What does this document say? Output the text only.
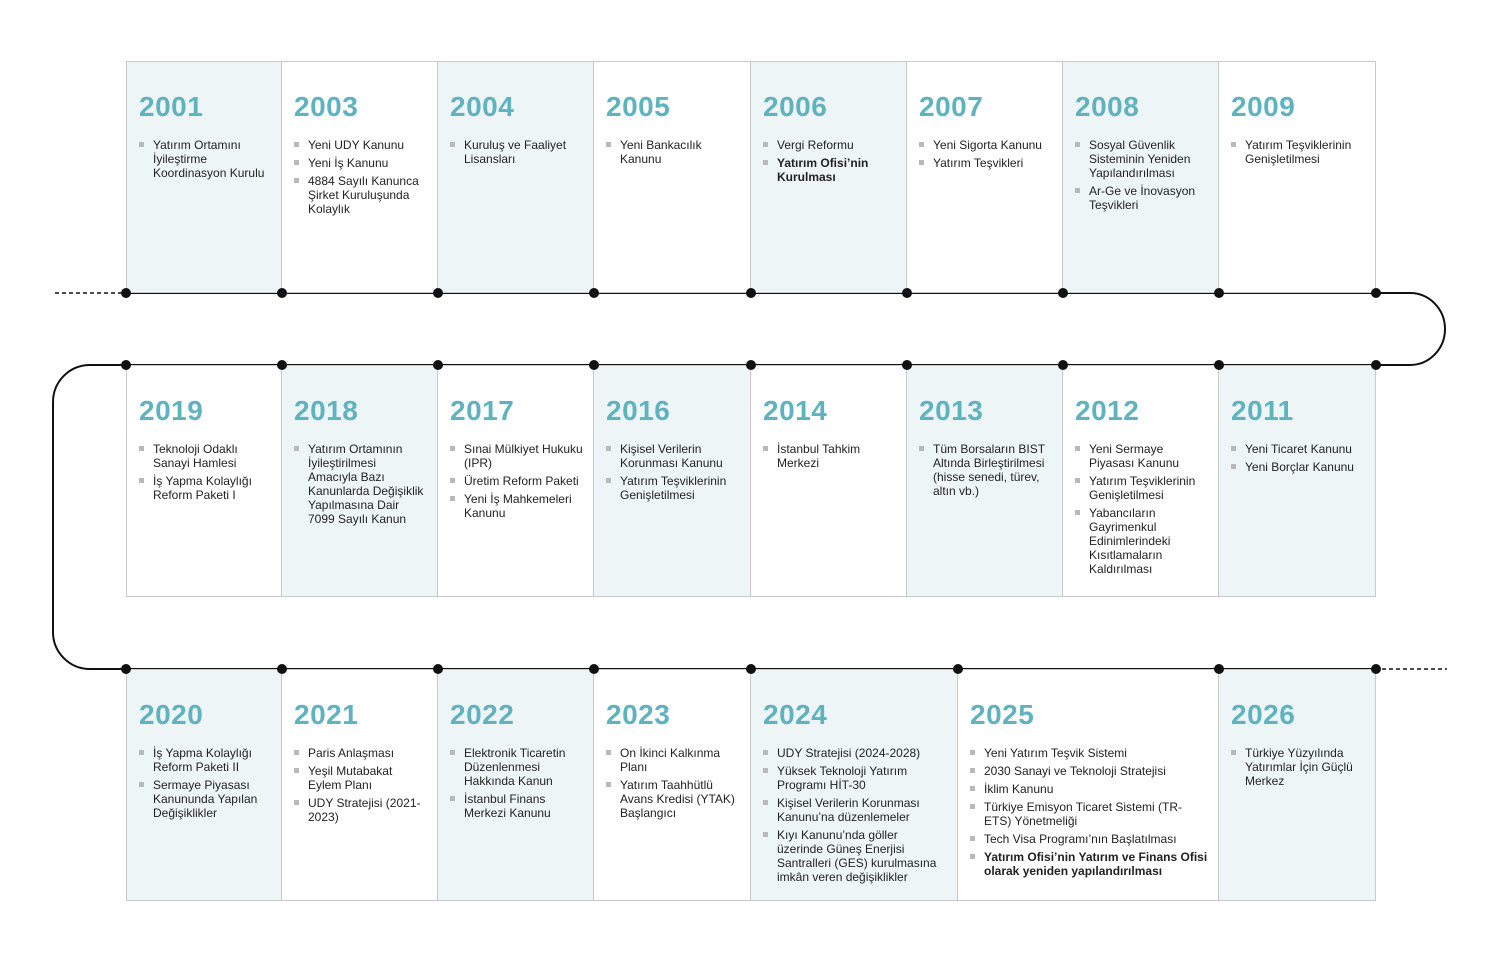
2001
Yatırım Ortamını İyileştirme Koordinasyon Kurulu
2003
Yeni UDY Kanunu
Yeni İş Kanunu
4884 Sayılı Kanunca Şirket Kuruluşunda Kolaylık
2004
Kuruluş ve Faaliyet Lisansları
2005
Yeni Bankacılık Kanunu
2006
Vergi Reformu
Yatırım Ofisi’nin Kurulması
2007
Yeni Sigorta Kanunu
Yatırım Teşvikleri
2008
Sosyal Güvenlik Sisteminin Yeniden Yapılandırılması
Ar-Ge ve İnovasyon Teşvikleri
2009
Yatırım Teşviklerinin Genişletilmesi
2019
Teknoloji Odaklı Sanayi Hamlesi
İş Yapma Kolaylığı Reform Paketi I
2018
Yatırım Ortamının İyileştirilmesi Amacıyla Bazı Kanunlarda Değişiklik Yapılmasına Dair 7099 Sayılı Kanun
2017
Sınai Mülkiyet Hukuku (IPR)
Üretim Reform Paketi
Yeni İş Mahkemeleri Kanunu
2016
Kişisel Verilerin Korunması Kanunu
Yatırım Teşviklerinin Genişletilmesi
2014
İstanbul Tahkim Merkezi
2013
Tüm Borsaların BIST Altında Birleştirilmesi (hisse senedi, türev, altın vb.)
2012
Yeni Sermaye Piyasası Kanunu
Yatırım Teşviklerinin Genişletilmesi
Yabancıların Gayrimenkul Edinimlerindeki Kısıtlamaların Kaldırılması
2011
Yeni Ticaret Kanunu
Yeni Borçlar Kanunu
2020
İş Yapma Kolaylığı Reform Paketi II
Sermaye Piyasası Kanununda Yapılan Değişiklikler
2021
Paris Anlaşması
Yeşil Mutabakat Eylem Planı
UDY Stratejisi (2021-2023)
2022
Elektronik Ticaretin Düzenlenmesi Hakkında Kanun
İstanbul Finans Merkezi Kanunu
2023
On İkinci Kalkınma Planı
Yatırım Taahhütlü Avans Kredisi (YTAK) Başlangıcı
2024
UDY Stratejisi (2024-2028)
Yüksek Teknoloji Yatırım Programı HİT-30
Kişisel Verilerin Korunması Kanunu’na düzenlemeler
Kıyı Kanunu’nda göller üzerinde Güneş Enerjisi Santralleri (GES) kurulmasına imkân veren değişiklikler
2025
Yeni Yatırım Teşvik Sistemi
2030 Sanayi ve Teknoloji Stratejisi
İklim Kanunu
Türkiye Emisyon Ticaret Sistemi (TR-ETS) Yönetmeliği
Tech Visa Programı’nın Başlatılması
Yatırım Ofisi’nin Yatırım ve Finans Ofisi olarak yeniden yapılandırılması
2026
Türkiye Yüzyılında Yatırımlar İçin Güçlü Merkez
